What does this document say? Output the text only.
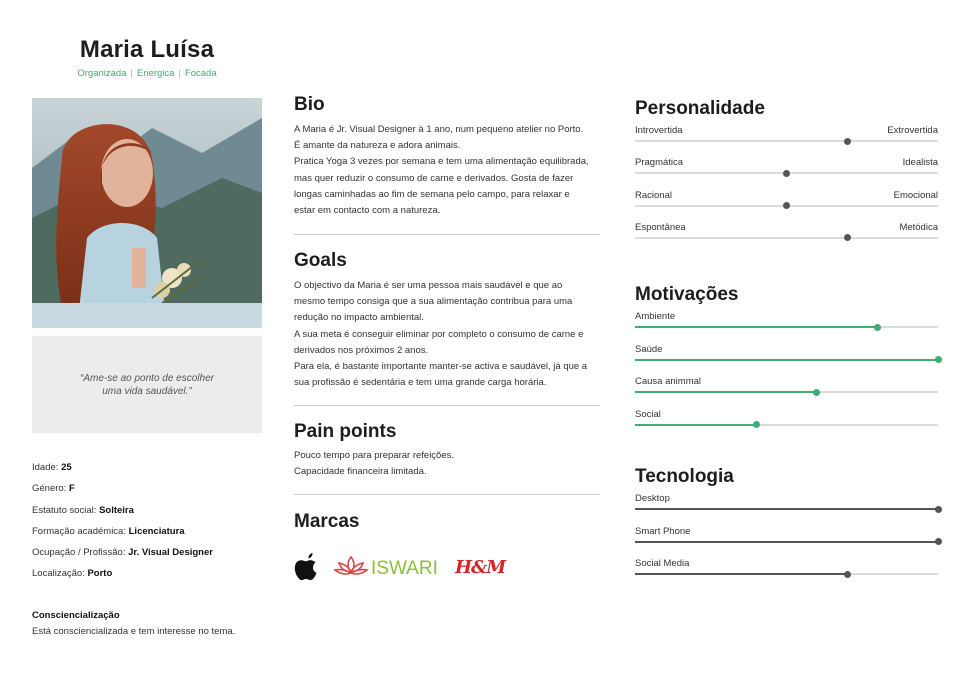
Maria Luísa
Organizada | Energica | Focada
“Ame-se ao ponto de escolher uma vida saudável.”
Idade: 25
Género: F
Estatuto social: Solteira
Formação académica: Licenciatura
Ocupação / Profissão: Jr. Visual Designer
Localização: Porto
Consciencialização
Está consciencializada e tem interesse no tema.
Bio
A Maria é Jr. Visual Designer à 1 ano, num pequeno atelier no Porto.
É amante da natureza e adora animais.
Pratica Yoga 3 vezes por semana e tem uma alimentação equilibrada,
mas quer reduzir o consumo de carne e derivados. Gosta de fazer
longas caminhadas ao fim de semana pelo campo, para relaxar e
estar em contacto com a natureza.
Goals
O objectivo da Maria é ser uma pessoa mais saudável e que ao
mesmo tempo consiga que a sua alimentação contribua para uma
redução no impacto ambiental.
A sua meta é conseguir eliminar por completo o consumo de carne e
derivados nos próximos 2 anos.
Para ela, é bastante importante manter-se activa e saudável, já que a
sua profissão é sedentária e tem uma grande carga horária.
Pain points
Pouco tempo para preparar refeições.
Capacidade financeira limitada.
Marcas
ISWARI H&M
Personalidade
Introvertida	Extrovertida
Pragmática	Idealista
Racional	Emocional
Espontânea	Metódica
Motivações
Ambiente
Saúde
Causa animmal
Social
Tecnologia
Desktop
Smart Phone
Social Media
